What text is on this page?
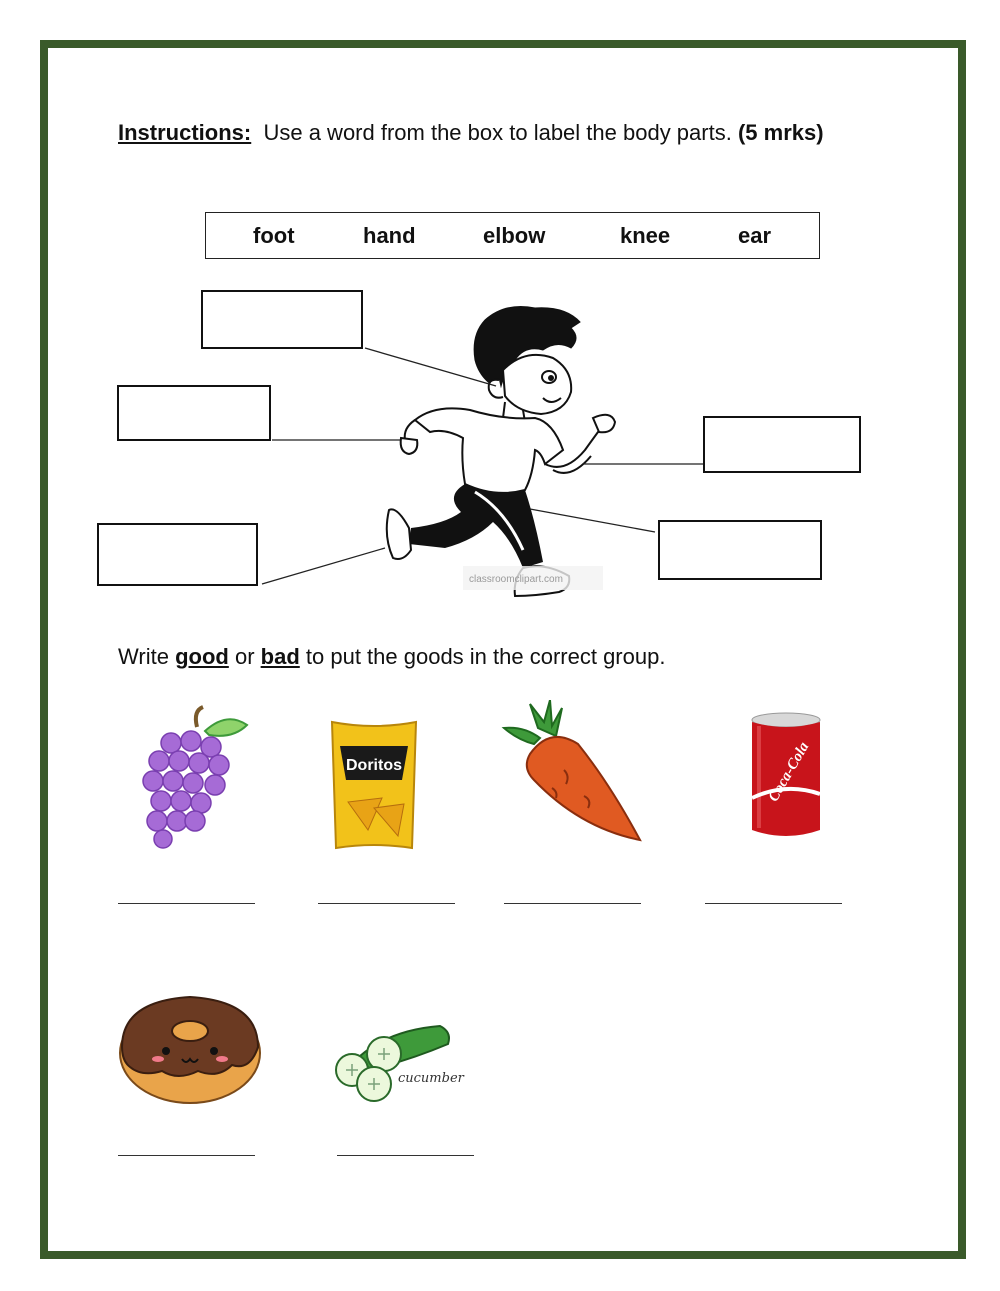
Instructions: Use a word from the box to label the body parts. (5 mrks)
foot	hand	elbow	knee	ear
classroomclipart.com
Write good or bad to put the goods in the correct group.
Doritos	Coca-Cola
cucumber
